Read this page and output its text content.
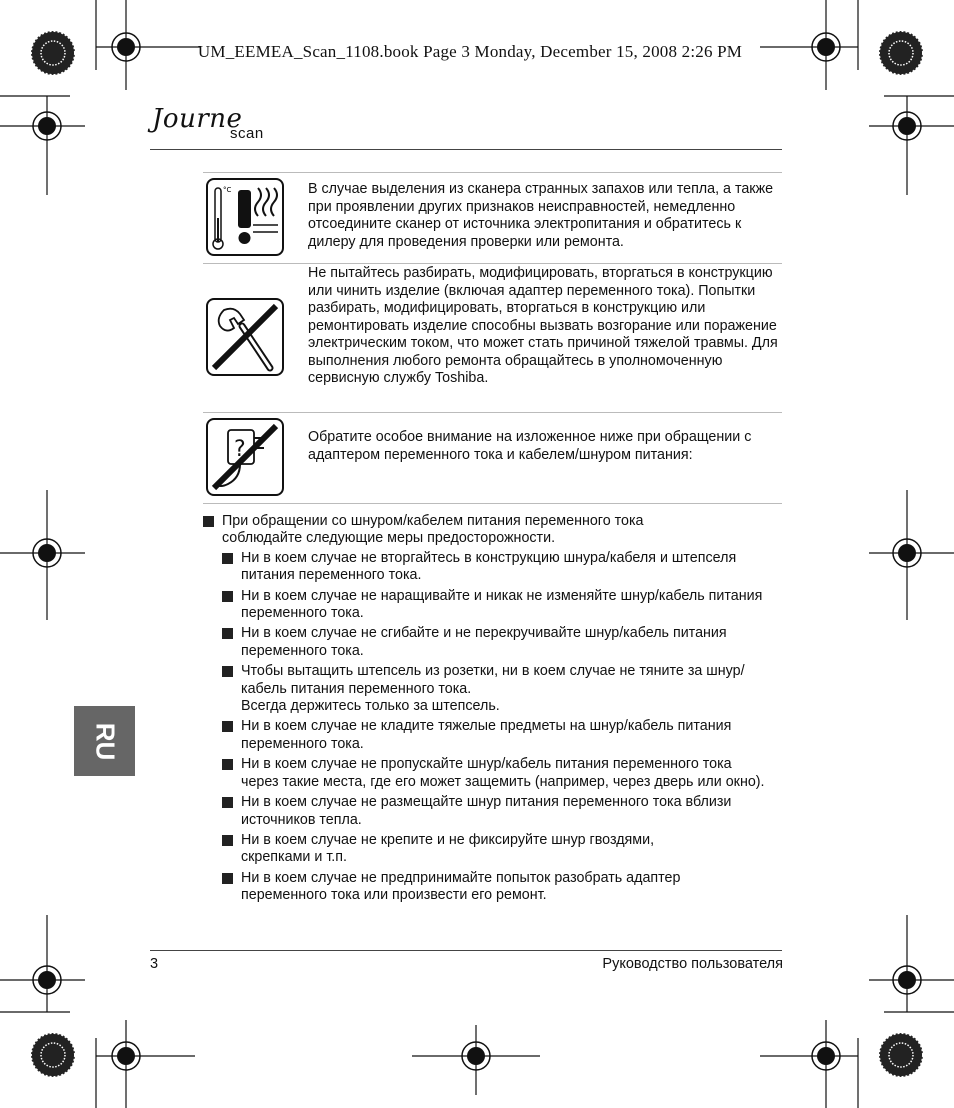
UM_EEMEA_Scan_1108.book Page 3 Monday, December 15, 2008 2:26 PM
Journe
scan
°C	В случае выделения из сканера странных запахов или тепла, а также при проявлении других признаков неисправностей, немедленно отсоедините сканер от источника электропитания и обратитесь к дилеру для проведения проверки или ремонта.
Не пытайтесь разбирать, модифицировать, вторгаться в конструкцию или чинить изделие (включая адаптер переменного тока). Попытки разбирать, модифицировать, вторгаться в конструкцию или ремонтировать изделие способны вызвать возгорание или поражение электрическим током, что может стать причиной тяжелой травмы. Для выполнения любого ремонта обращайтесь в уполномоченную сервисную службу Toshiba.
?	Обратите особое внимание на изложенное ниже при обращении с адаптером переменного тока и кабелем/шнуром питания:
При обращении со шнуром/кабелем питания переменного тока соблюдайте следующие меры предосторожности.
Ни в коем случае не вторгайтесь в конструкцию шнура/кабеля и штепселя питания переменного тока.
Ни в коем случае не наращивайте и никак не изменяйте шнур/кабель питания переменного тока.
Ни в коем случае не сгибайте и не перекручивайте шнур/кабель питания переменного тока.
Чтобы вытащить штепсель из розетки, ни в коем случае не тяните за шнур/кабель питания переменного тока.
Всегда держитесь только за штепсель.
Ни в коем случае не кладите тяжелые предметы на шнур/кабель питания переменного тока.
Ни в коем случае не пропускайте шнур/кабель питания переменного тока через такие места, где его может защемить (например, через дверь или окно).
Ни в коем случае не размещайте шнур питания переменного тока вблизи источников тепла.
Ни в коем случае не крепите и не фиксируйте шнур гвоздями, скрепками и т.п.
Ни в коем случае не предпринимайте попыток разобрать адаптер переменного тока или произвести его ремонт.
RU
3	Руководство пользователя
